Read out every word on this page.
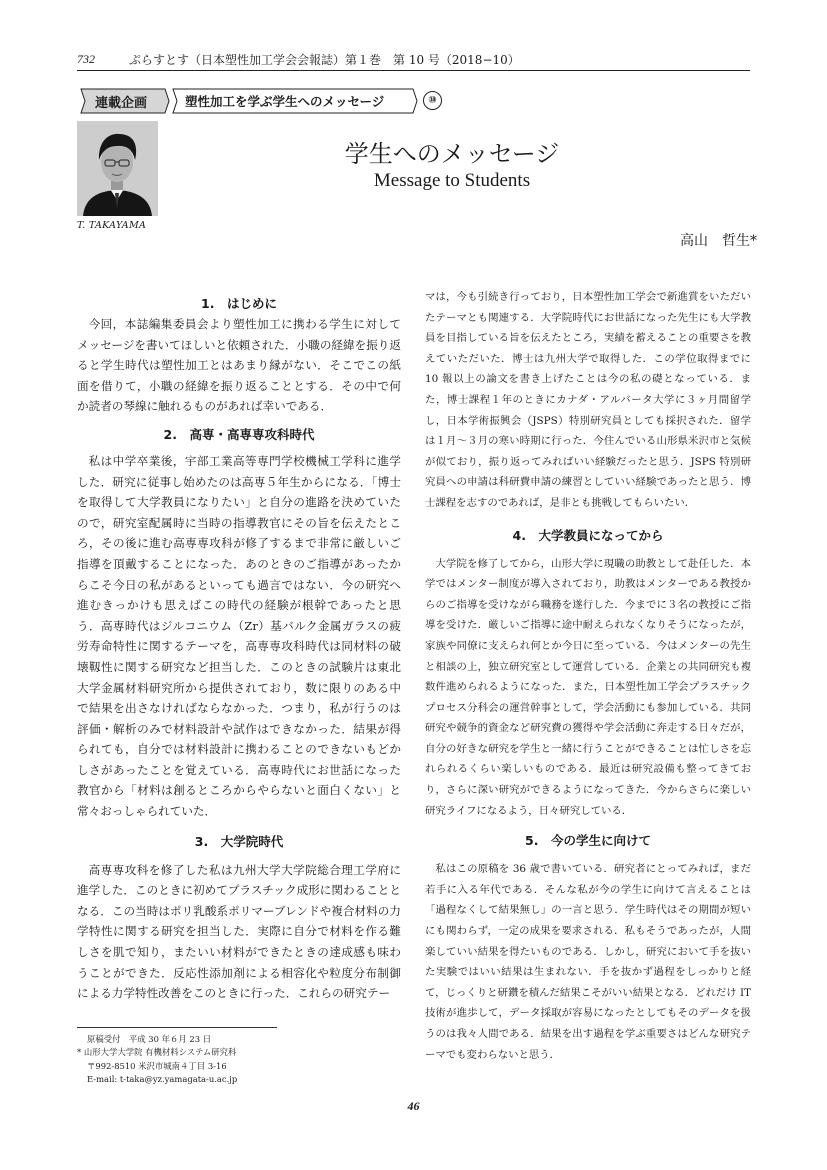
732	ぷらすとす（日本塑性加工学会会報誌）第１巻　第 10 号（2018−10）
連載企画	塑性加工を学ぶ学生へのメッセージ	⑩
T. TAKAYAMA
学生へのメッセージ
Message to Students
高山　哲生*
1.　はじめに

今回，本誌編集委員会より塑性加工に携わる学生に対してメッセージを書いてほしいと依頼された．小職の経緯を振り返ると学生時代は塑性加工とはあまり縁がない．そこでこの紙面を借りて，小職の経緯を振り返ることとする．その中で何か読者の琴線に触れるものがあれば幸いである．

2.　高専・高専専攻科時代

私は中学卒業後，宇部工業高等専門学校機械工学科に進学した．研究に従事し始めたのは高専５年生からになる．「博士を取得して大学教員になりたい」と自分の進路を決めていたので，研究室配属時に当時の指導教官にその旨を伝えたところ，その後に進む高専専攻科が修了するまで非常に厳しいご指導を頂戴することになった．あのときのご指導があったからこそ今日の私があるといっても過言ではない．今の研究へ進むきっかけも思えばこの時代の経験が根幹であったと思う．高専時代はジルコニウム（Zr）基バルク金属ガラスの疲労寿命特性に関するテーマを，高専専攻科時代は同材料の破壊靱性に関する研究など担当した．このときの試験片は東北大学金属材料研究所から提供されており，数に限りのある中で結果を出さなければならなかった．つまり，私が行うのは評価・解析のみで材料設計や試作はできなかった．結果が得られても，自分では材料設計に携わることのできないもどかしさがあったことを覚えている．高専時代にお世話になった教官から「材料は創るところからやらないと面白くない」と常々おっしゃられていた．

3.　大学院時代

高専専攻科を修了した私は九州大学大学院総合理工学府に進学した．このときに初めてプラスチック成形に関わることとなる．この当時はポリ乳酸系ポリマーブレンドや複合材料の力学特性に関する研究を担当した．実際に自分で材料を作る難しさを肌で知り，またいい材料ができたときの達成感も味わうことができた．反応性添加剤による相容化や粒度分布制御による力学特性改善をこのときに行った．これらの研究テー

マは，今も引続き行っており，日本塑性加工学会で新進賞をいただいたテーマとも関連する．大学院時代にお世話になった先生にも大学教員を目指している旨を伝えたところ，実績を蓄えることの重要さを教えていただいた．博士は九州大学で取得した．この学位取得までに 10 報以上の論文を書き上げたことは今の私の礎となっている．また，博士課程１年のときにカナダ・アルバータ大学に３ヶ月間留学し，日本学術振興会（JSPS）特別研究員としても採択された．留学は１月〜３月の寒い時期に行った．今住んでいる山形県米沢市と気候が似ており，振り返ってみればいい経験だったと思う．JSPS 特別研究員への申請は科研費申請の練習としていい経験であったと思う．博士課程を志すのであれば，是非とも挑戦してもらいたい．

4.　大学教員になってから

大学院を修了してから，山形大学に現職の助教として赴任した．本学ではメンター制度が導入されており，助教はメンターである教授からのご指導を受けながら職務を遂行した．今までに３名の教授にご指導を受けた．厳しいご指導に途中耐えられなくなりそうになったが，家族や同僚に支えられ何とか今日に至っている．今はメンターの先生と相談の上，独立研究室として運営している．企業との共同研究も複数件進められるようになった．また，日本塑性加工学会プラスチックプロセス分科会の運営幹事として，学会活動にも参加している．共同研究や競争的資金など研究費の獲得や学会活動に奔走する日々だが，自分の好きな研究を学生と一緒に行うことができることは忙しさを忘れられるくらい楽しいものである．最近は研究設備も整ってきており，さらに深い研究ができるようになってきた．今からさらに楽しい研究ライフになるよう，日々研究している．

5.　今の学生に向けて

私はこの原稿を 36 歳で書いている．研究者にとってみれば，まだ若手に入る年代である．そんな私が今の学生に向けて言えることは「過程なくして結果無し」の一言と思う．学生時代はその期間が短いにも関わらず，一定の成果を要求される．私もそうであったが，人間楽していい結果を得たいものである．しかし，研究において手を抜いた実験ではいい結果は生まれない．手を抜かず過程をしっかりと経て，じっくりと研鑽を積んだ結果こそがいい結果となる．どれだけ IT 技術が進歩して，データ採取が容易になったとしてもそのデータを扱うのは我々人間である．結果を出す過程を学ぶ重要さはどんな研究テーマでも変わらないと思う．

原稿受付　平成 30 年６月 23 日
* 山形大学大学院 有機材料システム研究科
〒992-8510 米沢市城南４丁目 3-16
E-mail: t-taka@yz.yamagata-u.ac.jp
46
